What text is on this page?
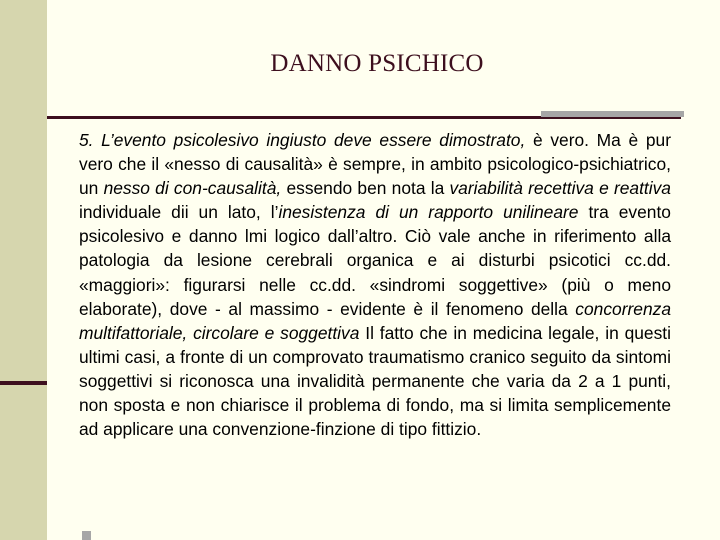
DANNO PSICHICO

5. L’evento psicolesivo ingiusto deve essere dimostrato, è vero. Ma è pur vero che il «nesso di causalità» è sempre, in ambito psicologico-psichiatrico, un nesso di con-causalità, essendo ben nota la variabilità recettiva e reattiva individuale dii un lato, l’inesistenza di un rapporto unilineare tra evento psicolesivo e danno lmi logico dall’altro. Ciò vale anche in riferimento alla patologia da lesione cerebrali organica e ai disturbi psicotici cc.dd. «maggiori»: figurarsi nelle cc.dd. «sindromi soggettive» (più o meno elaborate), dove - al massimo - evidente è il fenomeno della concorrenza multifattoriale, circolare e soggettiva Il fatto che in medicina legale, in questi ultimi casi, a fronte di un comprovato traumatismo cranico seguito da sintomi soggettivi si riconosca una invalidità permanente che varia da 2 a 1 punti, non sposta e non chiarisce il problema di fondo, ma si limita semplicemente ad applicare una convenzione-finzione di tipo fittizio.
